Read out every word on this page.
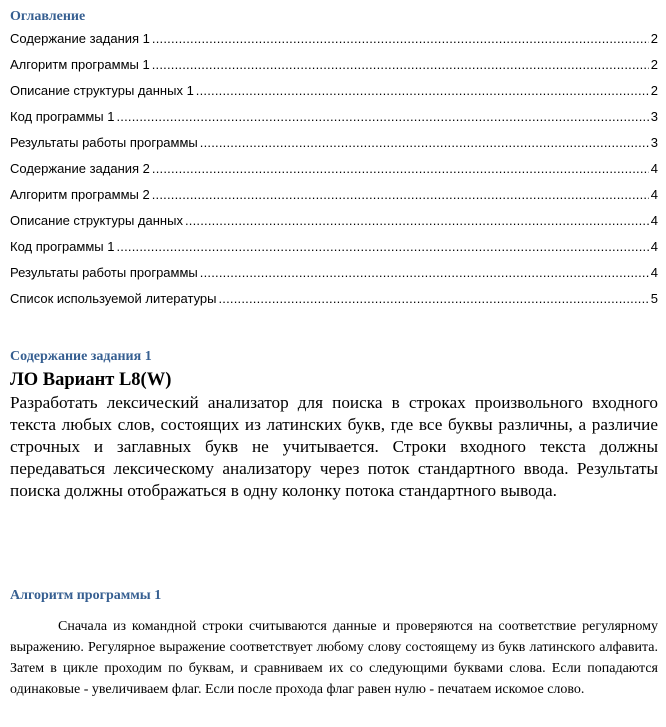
Оглавление
Содержание задания 1 .....	2
Алгоритм программы 1 .....	2
Описание структуры данных 1 .....	2
Код программы 1 .....	3
Результаты работы программы .....	3
Содержание задания 2 .....	4
Алгоритм программы 2 .....	4
Описание структуры данных .....	4
Код программы 1 .....	4
Результаты работы программы .....	4
Список используемой литературы .....	5
Содержание задания 1
ЛО Вариант L8(W)
Разработать лексический анализатор для поиска в строках произвольного входного текста любых слов, состоящих из латинских букв, где все буквы различны, а различие строчных и заглавных букв не учитывается. Строки входного текста должны передаваться лексическому анализатору через поток стандартного ввода. Результаты поиска должны отображаться в одну колонку потока стандартного вывода.
Алгоритм программы 1
Сначала из командной строки считываются данные и проверяются на соответствие регулярному выражению. Регулярное выражение соответствует любому слову состоящему из букв латинского алфавита. Затем в цикле проходим по буквам, и сравниваем их со следующими буквами слова. Если попадаются одинаковые - увеличиваем флаг. Если после прохода флаг равен нулю - печатаем искомое слово.
